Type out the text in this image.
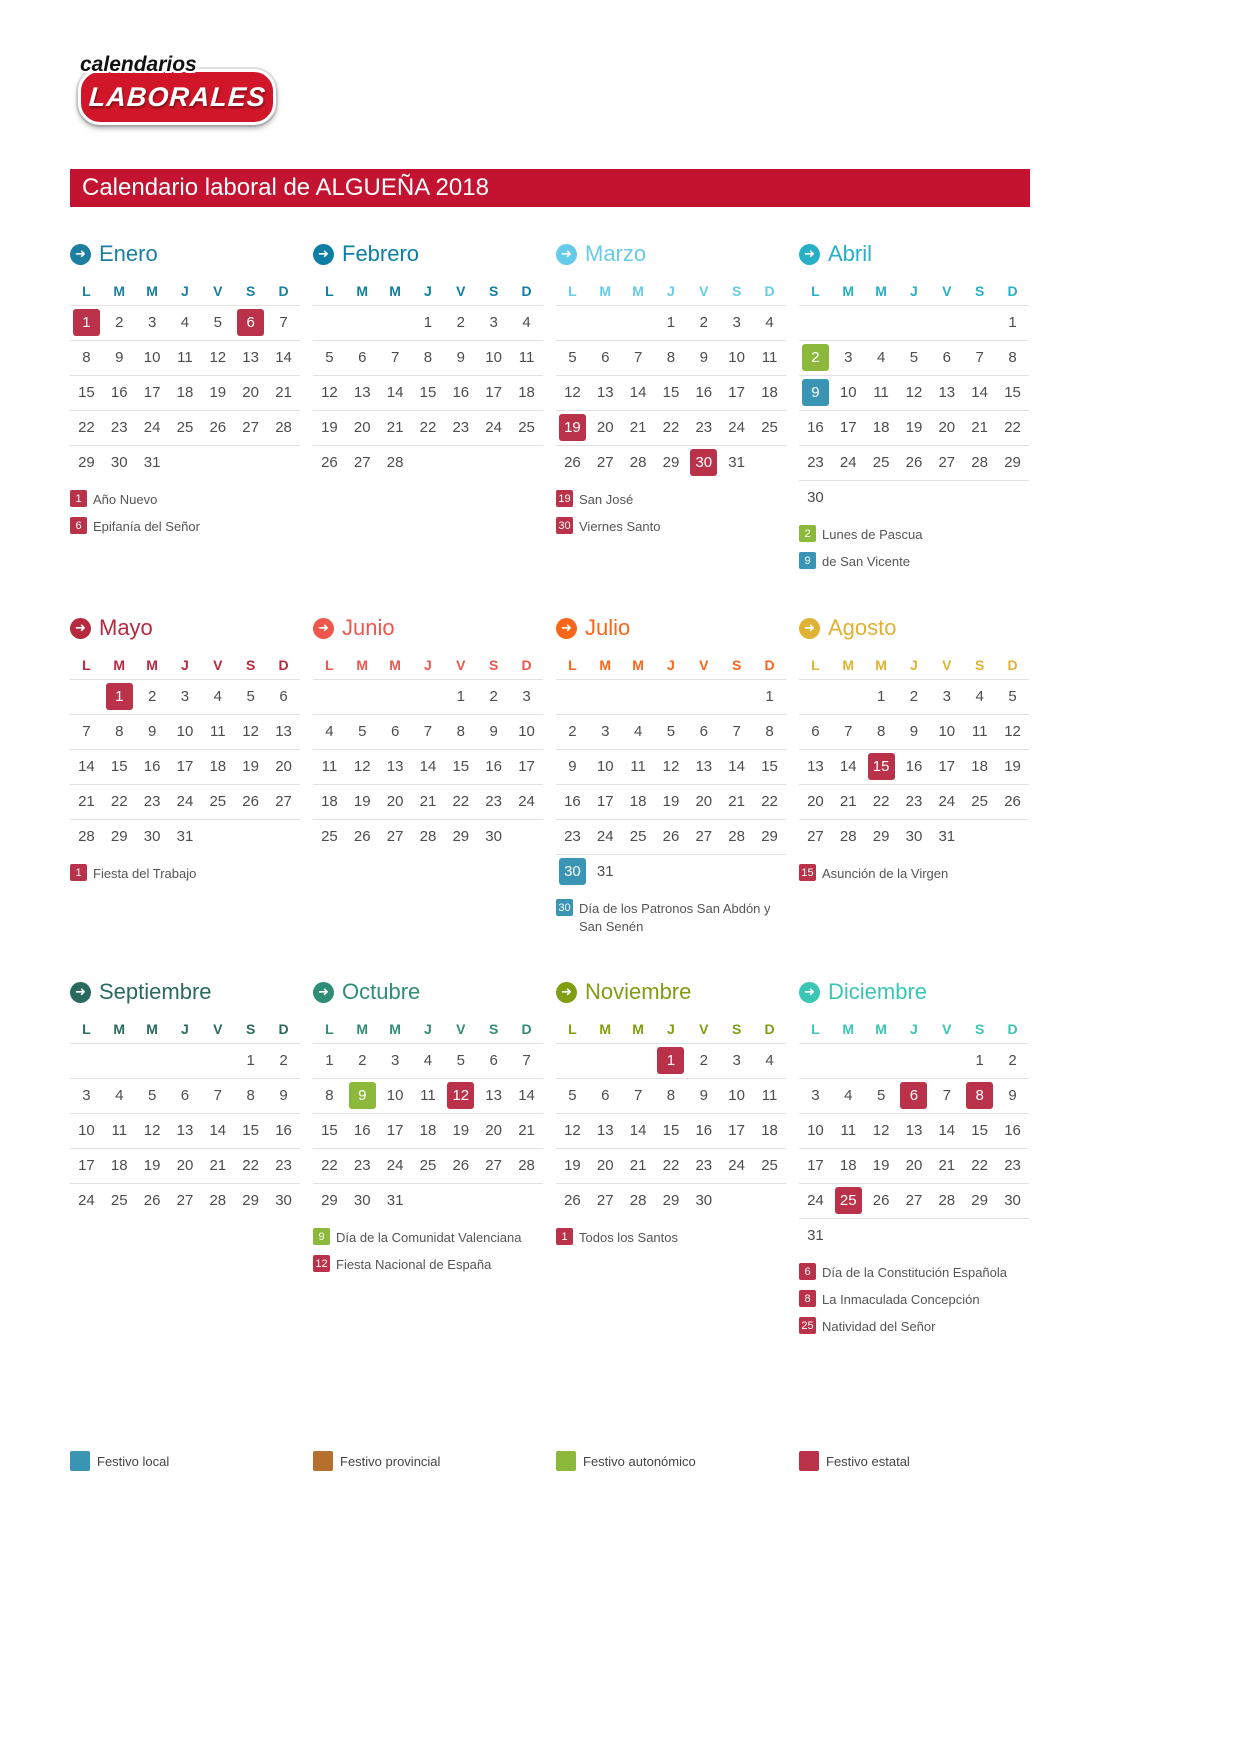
calendarios
LABORALES
Calendario laboral de ALGUEÑA 2018
➜ Enero
L	M	M	J	V	S	D
1	2	3	4	5	6	7
8	9	10	11	12	13	14
15	16	17	18	19	20	21
22	23	24	25	26	27	28
29	30	31				
1 Año Nuevo
6 Epifanía del Señor
➜ Febrero
L	M	M	J	V	S	D
			1	2	3	4
5	6	7	8	9	10	11
12	13	14	15	16	17	18
19	20	21	22	23	24	25
26	27	28				
➜ Marzo
L	M	M	J	V	S	D
			1	2	3	4
5	6	7	8	9	10	11
12	13	14	15	16	17	18
19	20	21	22	23	24	25
26	27	28	29	30	31	
19 San José
30 Viernes Santo
➜ Abril
L	M	M	J	V	S	D
						1
2	3	4	5	6	7	8
9	10	11	12	13	14	15
16	17	18	19	20	21	22
23	24	25	26	27	28	29
30						
2 Lunes de Pascua
9 de San Vicente
➜ Mayo
L	M	M	J	V	S	D
	1	2	3	4	5	6
7	8	9	10	11	12	13
14	15	16	17	18	19	20
21	22	23	24	25	26	27
28	29	30	31			
1 Fiesta del Trabajo
➜ Junio
L	M	M	J	V	S	D
				1	2	3
4	5	6	7	8	9	10
11	12	13	14	15	16	17
18	19	20	21	22	23	24
25	26	27	28	29	30	
➜ Julio
L	M	M	J	V	S	D
						1
2	3	4	5	6	7	8
9	10	11	12	13	14	15
16	17	18	19	20	21	22
23	24	25	26	27	28	29
30	31					
30 Día de los Patronos San Abdón y San Senén
➜ Agosto
L	M	M	J	V	S	D
		1	2	3	4	5
6	7	8	9	10	11	12
13	14	15	16	17	18	19
20	21	22	23	24	25	26
27	28	29	30	31		
15 Asunción de la Virgen
➜ Septiembre
L	M	M	J	V	S	D
					1	2
3	4	5	6	7	8	9
10	11	12	13	14	15	16
17	18	19	20	21	22	23
24	25	26	27	28	29	30
➜ Octubre
L	M	M	J	V	S	D
1	2	3	4	5	6	7
8	9	10	11	12	13	14
15	16	17	18	19	20	21
22	23	24	25	26	27	28
29	30	31				
9 Día de la Comunidat Valenciana
12 Fiesta Nacional de España
➜ Noviembre
L	M	M	J	V	S	D
			1	2	3	4
5	6	7	8	9	10	11
12	13	14	15	16	17	18
19	20	21	22	23	24	25
26	27	28	29	30		
1 Todos los Santos
➜ Diciembre
L	M	M	J	V	S	D
					1	2
3	4	5	6	7	8	9
10	11	12	13	14	15	16
17	18	19	20	21	22	23
24	25	26	27	28	29	30
31						
6 Día de la Constitución Española
8 La Inmaculada Concepción
25 Natividad del Señor
Festivo local	Festivo provincial	Festivo autonómico	Festivo estatal
